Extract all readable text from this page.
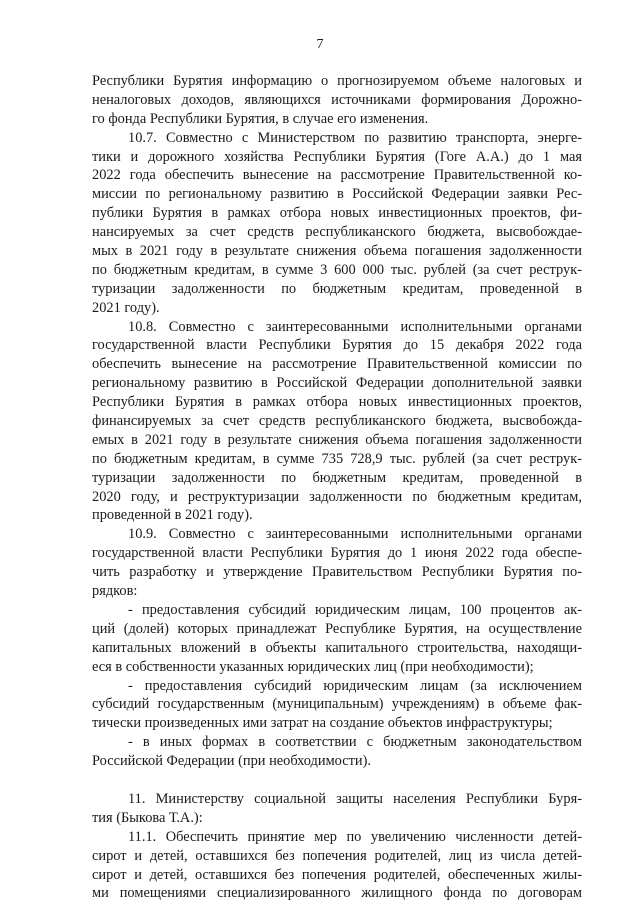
7
Республики Бурятия информацию о прогнозируемом объеме налоговых и
неналоговых доходов, являющихся источниками формирования Дорожно-
го фонда Республики Бурятия, в случае его изменения.
10.7. Совместно с Министерством по развитию транспорта, энерге-
тики и дорожного хозяйства Республики Бурятия (Гоге А.А.) до 1 мая
2022 года обеспечить вынесение на рассмотрение Правительственной ко-
миссии по региональному развитию в Российской Федерации заявки Рес-
публики Бурятия в рамках отбора новых инвестиционных проектов, фи-
нансируемых за счет средств республиканского бюджета, высвобождае-
мых в 2021 году в результате снижения объема погашения задолженности
по бюджетным кредитам, в сумме 3 600 000 тыс. рублей (за счет реструк-
туризации задолженности по бюджетным кредитам, проведенной в
2021 году).
10.8. Совместно с заинтересованными исполнительными органами
государственной власти Республики Бурятия до 15 декабря 2022 года
обеспечить вынесение на рассмотрение Правительственной комиссии по
региональному развитию в Российской Федерации дополнительной заявки
Республики Бурятия в рамках отбора новых инвестиционных проектов,
финансируемых за счет средств республиканского бюджета, высвобожда-
емых в 2021 году в результате снижения объема погашения задолженности
по бюджетным кредитам, в сумме 735 728,9 тыс. рублей (за счет реструк-
туризации задолженности по бюджетным кредитам, проведенной в
2020 году, и реструктуризации задолженности по бюджетным кредитам,
проведенной в 2021 году).
10.9. Совместно с заинтересованными исполнительными органами
государственной власти Республики Бурятия до 1 июня 2022 года обеспе-
чить разработку и утверждение Правительством Республики Бурятия по-
рядков:
- предоставления субсидий юридическим лицам, 100 процентов ак-
ций (долей) которых принадлежат Республике Бурятия, на осуществление
капитальных вложений в объекты капитального строительства, находящи-
еся в собственности указанных юридических лиц (при необходимости);
- предоставления субсидий юридическим лицам (за исключением
субсидий государственным (муниципальным) учреждениям) в объеме фак-
тически произведенных ими затрат на создание объектов инфраструктуры;
- в иных формах в соответствии с бюджетным законодательством
Российской Федерации (при необходимости).
11. Министерству социальной защиты населения Республики Буря-
тия (Быкова Т.А.):
11.1. Обеспечить принятие мер по увеличению численности детей-
сирот и детей, оставшихся без попечения родителей, лиц из числа детей-
сирот и детей, оставшихся без попечения родителей, обеспеченных жилы-
ми помещениями специализированного жилищного фонда по договорам
